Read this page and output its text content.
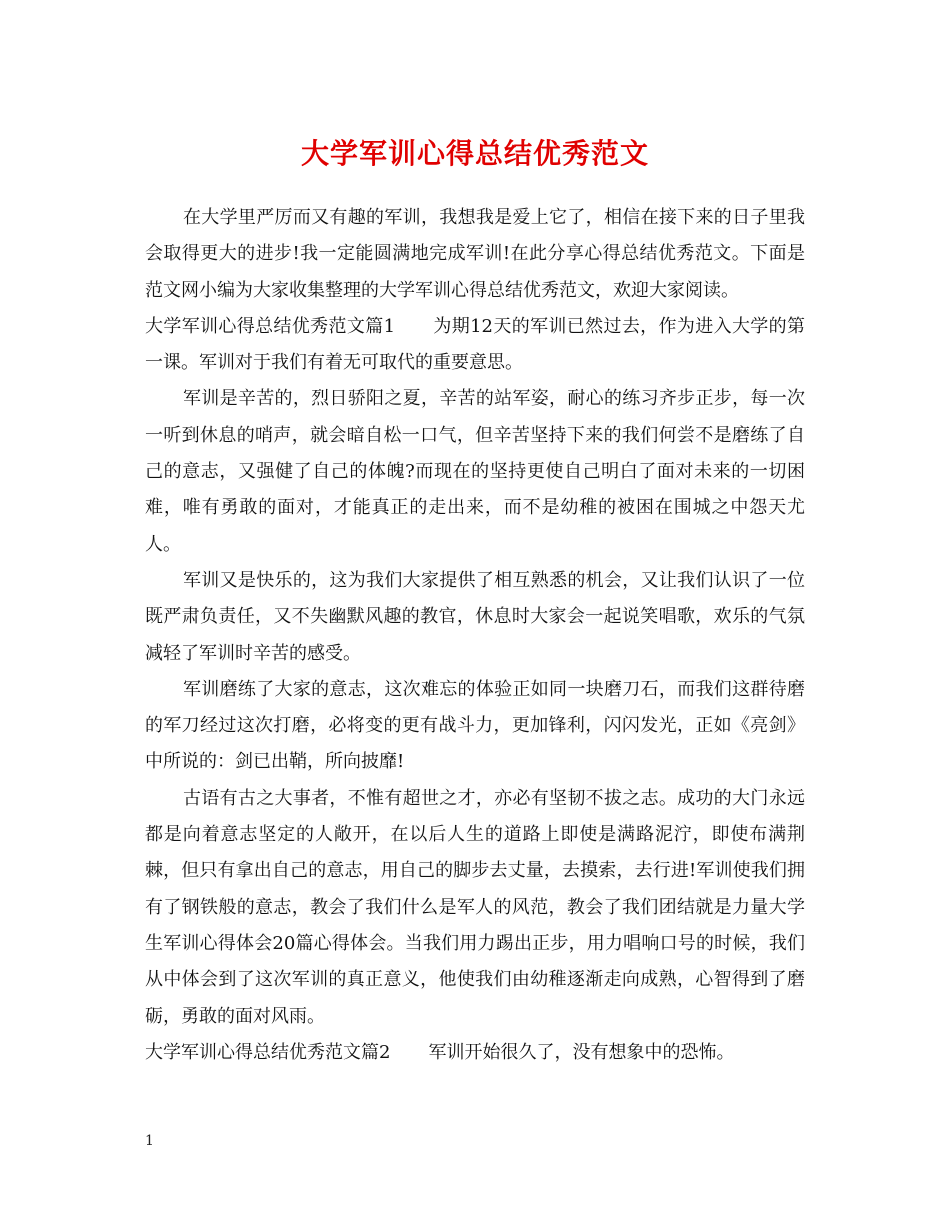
大学军训心得总结优秀范文

在大学里严厉而又有趣的军训，我想我是爱上它了，相信在接下来的日子里我会取得更大的进步!我一定能圆满地完成军训!在此分享心得总结优秀范文。下面是范文网小编为大家收集整理的大学军训心得总结优秀范文，欢迎大家阅读。

大学军训心得总结优秀范文篇1 为期12天的军训已然过去，作为进入大学的第一课。军训对于我们有着无可取代的重要意思。

军训是辛苦的，烈日骄阳之夏，辛苦的站军姿，耐心的练习齐步正步，每一次一听到休息的哨声，就会暗自松一口气，但辛苦坚持下来的我们何尝不是磨练了自己的意志，又强健了自己的体魄?而现在的坚持更使自己明白了面对未来的一切困难，唯有勇敢的面对，才能真正的走出来，而不是幼稚的被困在围城之中怨天尤人。

军训又是快乐的，这为我们大家提供了相互熟悉的机会，又让我们认识了一位既严肃负责任，又不失幽默风趣的教官，休息时大家会一起说笑唱歌，欢乐的气氛减轻了军训时辛苦的感受。

军训磨练了大家的意志，这次难忘的体验正如同一块磨刀石，而我们这群待磨的军刀经过这次打磨，必将变的更有战斗力，更加锋利，闪闪发光，正如《亮剑》中所说的：剑已出鞘，所向披靡!

古语有古之大事者，不惟有超世之才，亦必有坚韧不拔之志。成功的大门永远都是向着意志坚定的人敞开，在以后人生的道路上即使是满路泥泞，即使布满荆棘，但只有拿出自己的意志，用自己的脚步去丈量，去摸索，去行进!军训使我们拥有了钢铁般的意志，教会了我们什么是军人的风范，教会了我们团结就是力量大学生军训心得体会20篇心得体会。当我们用力踢出正步，用力唱响口号的时候，我们从中体会到了这次军训的真正意义，他使我们由幼稚逐渐走向成熟，心智得到了磨砺，勇敢的面对风雨。

大学军训心得总结优秀范文篇2 军训开始很久了，没有想象中的恐怖。

1
